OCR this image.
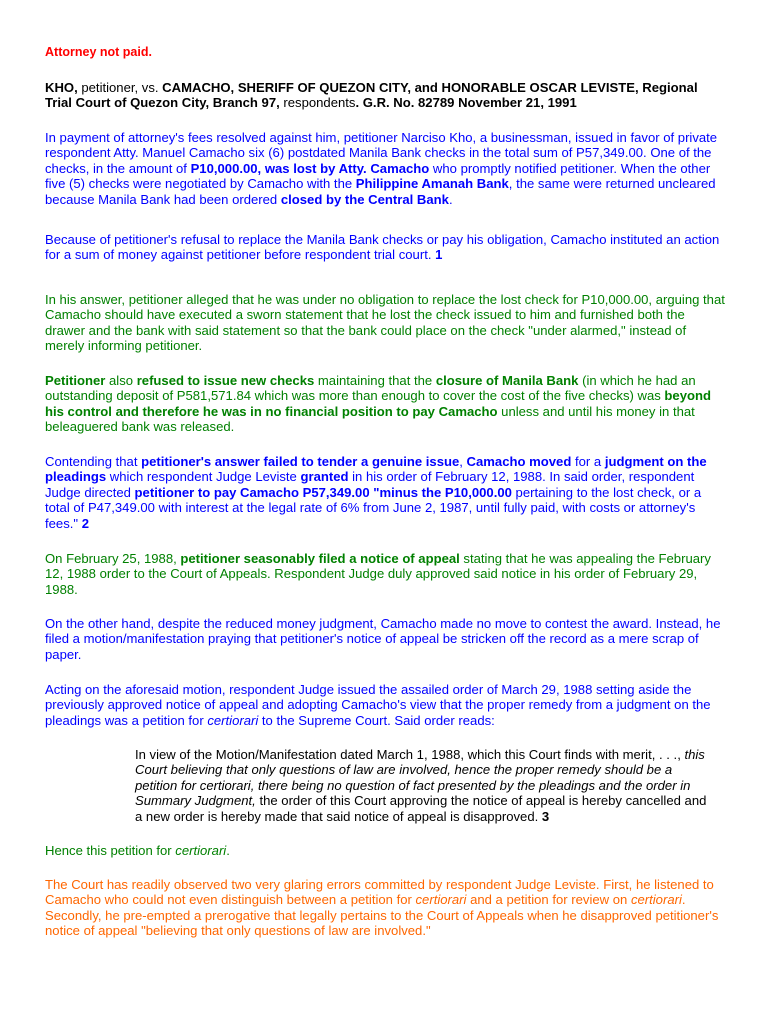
Attorney not paid.

KHO, petitioner, vs. CAMACHO, SHERIFF OF QUEZON CITY, and HONORABLE OSCAR LEVISTE, Regional Trial Court of Quezon City, Branch 97, respondents. G.R. No. 82789 November 21, 1991

In payment of attorney's fees resolved against him, petitioner Narciso Kho, a businessman, issued in favor of private respondent Atty. Manuel Camacho six (6) postdated Manila Bank checks in the total sum of P57,349.00. One of the checks, in the amount of P10,000.00, was lost by Atty. Camacho who promptly notified petitioner. When the other five (5) checks were negotiated by Camacho with the Philippine Amanah Bank, the same were returned uncleared because Manila Bank had been ordered closed by the Central Bank.

Because of petitioner's refusal to replace the Manila Bank checks or pay his obligation, Camacho instituted an action for a sum of money against petitioner before respondent trial court. 1

In his answer, petitioner alleged that he was under no obligation to replace the lost check for P10,000.00, arguing that Camacho should have executed a sworn statement that he lost the check issued to him and furnished both the drawer and the bank with said statement so that the bank could place on the check "under alarmed," instead of merely informing petitioner.

Petitioner also refused to issue new checks maintaining that the closure of Manila Bank (in which he had an outstanding deposit of P581,571.84 which was more than enough to cover the cost of the five checks) was beyond his control and therefore he was in no financial position to pay Camacho unless and until his money in that beleaguered bank was released.

Contending that petitioner's answer failed to tender a genuine issue, Camacho moved for a judgment on the pleadings which respondent Judge Leviste granted in his order of February 12, 1988. In said order, respondent Judge directed petitioner to pay Camacho P57,349.00 "minus the P10,000.00 pertaining to the lost check, or a total of P47,349.00 with interest at the legal rate of 6% from June 2, 1987, until fully paid, with costs or attorney's fees." 2

On February 25, 1988, petitioner seasonably filed a notice of appeal stating that he was appealing the February 12, 1988 order to the Court of Appeals. Respondent Judge duly approved said notice in his order of February 29, 1988.

On the other hand, despite the reduced money judgment, Camacho made no move to contest the award. Instead, he filed a motion/manifestation praying that petitioner's notice of appeal be stricken off the record as a mere scrap of paper.

Acting on the aforesaid motion, respondent Judge issued the assailed order of March 29, 1988 setting aside the previously approved notice of appeal and adopting Camacho's view that the proper remedy from a judgment on the pleadings was a petition for certiorari to the Supreme Court. Said order reads:

In view of the Motion/Manifestation dated March 1, 1988, which this Court finds with merit, . . ., this Court believing that only questions of law are involved, hence the proper remedy should be a petition for certiorari, there being no question of fact presented by the pleadings and the order in Summary Judgment, the order of this Court approving the notice of appeal is hereby cancelled and a new order is hereby made that said notice of appeal is disapproved. 3

Hence this petition for certiorari.

The Court has readily observed two very glaring errors committed by respondent Judge Leviste. First, he listened to Camacho who could not even distinguish between a petition for certiorari and a petition for review on certiorari. Secondly, he pre-empted a prerogative that legally pertains to the Court of Appeals when he disapproved petitioner's notice of appeal "believing that only questions of law are involved."
